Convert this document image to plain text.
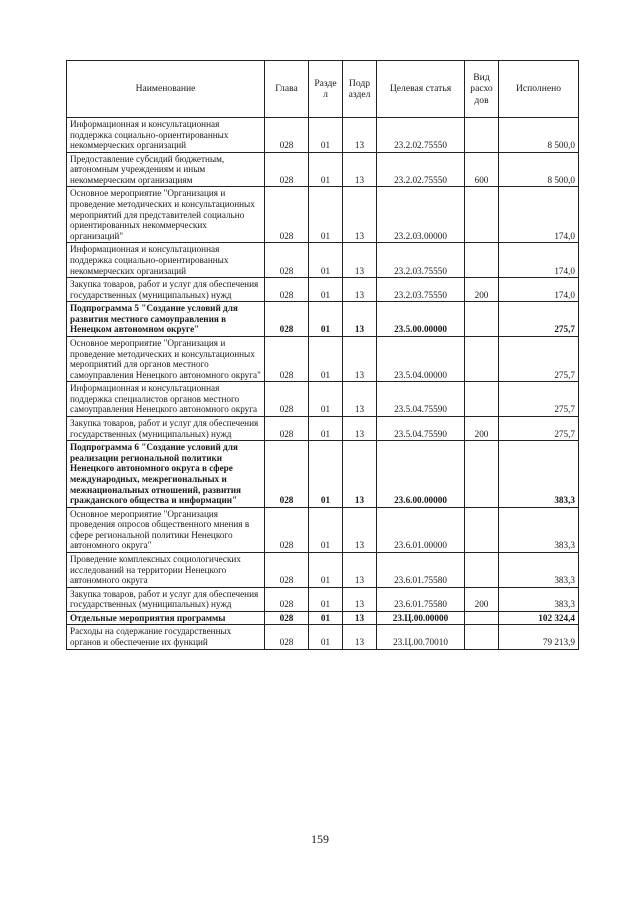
Наименование	Глава	Разде л	Подр аздел	Целевая статья	Вид расхо дов	Исполнено
Информационная и консультационная поддержка социально-ориентированных некоммерческих организаций	028	01	13	23.2.02.75550		8 500,0
Предоставление субсидий бюджетным, автономным учреждениям и иным некоммерческим организациям	028	01	13	23.2.02.75550	600	8 500,0
Основное мероприятие "Организация и проведение методических и консультационных мероприятий для представителей социально ориентированных некоммерческих организаций"	028	01	13	23.2.03.00000		174,0
Информационная и консультационная поддержка социально-ориентированных некоммерческих организаций	028	01	13	23.2.03.75550		174,0
Закупка товаров, работ и услуг для обеспечения государственных (муниципальных) нужд	028	01	13	23.2.03.75550	200	174,0
Подпрограмма 5 "Создание условий для развития местного самоуправления в Ненецком автономном округе"	028	01	13	23.5.00.00000		275,7
Основное мероприятие "Организация и проведение методических и консультационных мероприятий для органов местного самоуправления Ненецкого автономного округа"	028	01	13	23.5.04.00000		275,7
Информационная и консультационная поддержка специалистов органов местного самоуправления Ненецкого автономного округа	028	01	13	23.5.04.75590		275,7
Закупка товаров, работ и услуг для обеспечения государственных (муниципальных) нужд	028	01	13	23.5.04.75590	200	275,7
Подпрограмма 6 "Создание условий для реализации региональной политики Ненецкого автономного округа в сфере международных, межрегиональных и межнациональных отношений, развития гражданского общества и информации"	028	01	13	23.6.00.00000		383,3
Основное мероприятие "Организация проведения опросов общественного мнения в сфере региональной политики Ненецкого автономного округа"	028	01	13	23.6.01.00000		383,3
Проведение комплексных социологических исследований на территории Ненецкого автономного округа	028	01	13	23.6.01.75580		383,3
Закупка товаров, работ и услуг для обеспечения государственных (муниципальных) нужд	028	01	13	23.6.01.75580	200	383,3
Отдельные мероприятия программы	028	01	13	23.Ц.00.00000		102 324,4
Расходы на содержание государственных органов и обеспечение их функций	028	01	13	23.Ц.00.70010		79 213,9
159
